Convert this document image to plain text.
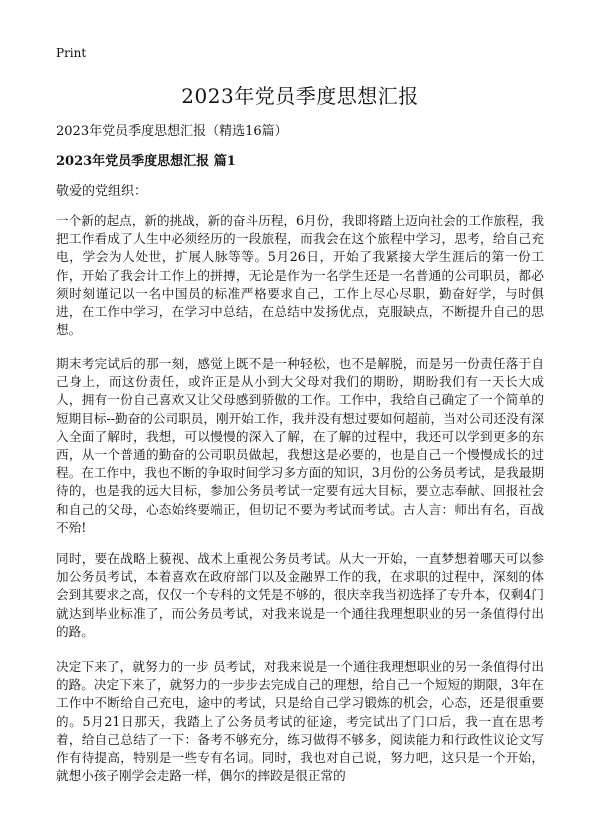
Print
2023年党员季度思想汇报
2023年党员季度思想汇报（精选16篇）
2023年党员季度思想汇报 篇1
敬爱的党组织：

一个新的起点，新的挑战，新的奋斗历程，6月份，我即将踏上迈向社会的工作旅程，我把工作看成了人生中必须经历的一段旅程，而我会在这个旅程中学习，思考，给自己充电，学会为人处世，扩展人脉等等。5月26日，开始了我紧接大学生涯后的第一份工作，开始了我会计工作上的拼搏，无论是作为一名学生还是一名普通的公司职员，都必须时刻谨记以一名中国员的标准严格要求自己，工作上尽心尽职，勤奋好学，与时俱进，在工作中学习，在学习中总结，在总结中发扬优点，克服缺点，不断提升自己的思想。

期末考完试后的那一刻，感觉上既不是一种轻松，也不是解脱，而是另一份责任落于自己身上，而这份责任，或许正是从小到大父母对我们的期盼，期盼我们有一天长大成人，拥有一份自己喜欢又让父母感到骄傲的工作。工作中，我给自己确定了一个简单的短期目标--勤奋的公司职员，刚开始工作，我并没有想过要如何超前，当对公司还没有深入全面了解时，我想，可以慢慢的深入了解，在了解的过程中，我还可以学到更多的东西，从一个普通的勤奋的公司职员做起，我想这是必要的，也是自己一个慢慢成长的过程。在工作中，我也不断的争取时间学习多方面的知识，3月份的公务员考试，是我最期待的，也是我的远大目标，参加公务员考试一定要有远大目标，要立志奉献、回报社会和自己的父母，心态始终要端正，但切记不要为考试而考试。古人言：师出有名，百战不殆!

同时，要在战略上藐视、战术上重视公务员考试。从大一开始，一直梦想着哪天可以参加公务员考试，本着喜欢在政府部门以及金融界工作的我，在求职的过程中，深刻的体会到其要求之高，仅仅一个专科的文凭是不够的，很庆幸我当初选择了专升本，仅剩4门就达到毕业标准了，而公务员考试，对我来说是一个通往我理想职业的另一条值得付出的路。

决定下来了，就努力的一步 员考试，对我来说是一个通往我理想职业的另一条值得付出的路。决定下来了，就努力的一步步去完成自己的理想，给自己一个短短的期限，3年在工作中不断给自己充电，途中的考试，只是给自己学习锻炼的机会，心态，还是很重要的。5月21日那天，我踏上了公务员考试的征途，考完试出了门口后，我一直在思考着，给自己总结了一下：备考不够充分，练习做得不够多，阅读能力和行政性议论文写作有待提高，特别是一些专有名词。同时，我也对自己说，努力吧，这只是一个开始，就想小孩子刚学会走路一样，偶尔的摔跤是很正常的
